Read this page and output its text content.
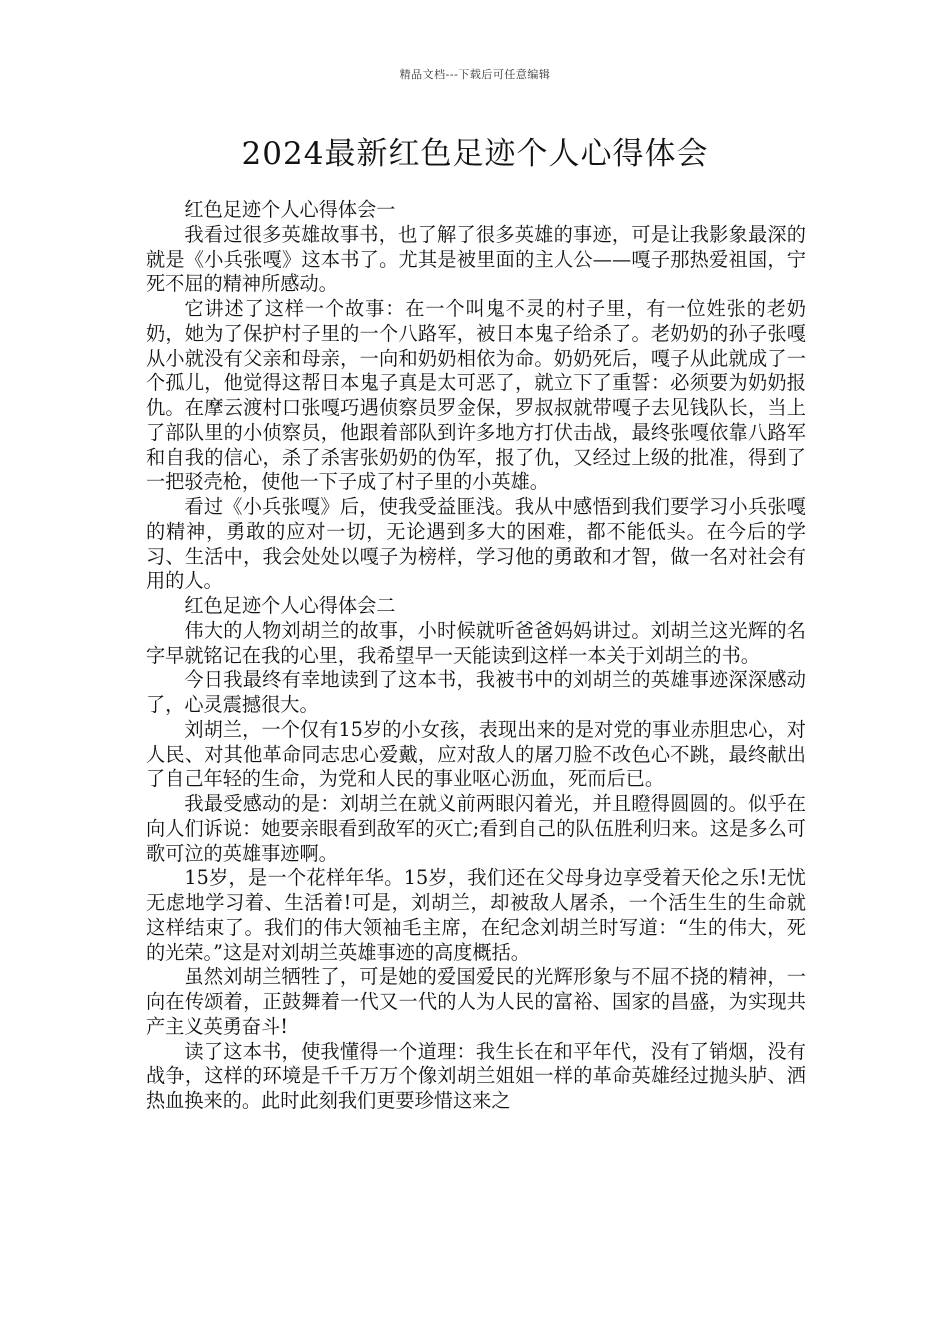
精品文档---下载后可任意编辑
2024最新红色足迹个人心得体会

红色足迹个人心得体会一

我看过很多英雄故事书，也了解了很多英雄的事迹，可是让我影象最深的就是《小兵张嘎》这本书了。尤其是被里面的主人公——嘎子那热爱祖国，宁死不屈的精神所感动。

它讲述了这样一个故事：在一个叫鬼不灵的村子里，有一位姓张的老奶奶，她为了保护村子里的一个八路军，被日本鬼子给杀了。老奶奶的孙子张嘎从小就没有父亲和母亲，一向和奶奶相依为命。奶奶死后，嘎子从此就成了一个孤儿，他觉得这帮日本鬼子真是太可恶了，就立下了重誓：必须要为奶奶报仇。在摩云渡村口张嘎巧遇侦察员罗金保，罗叔叔就带嘎子去见钱队长，当上了部队里的小侦察员，他跟着部队到许多地方打伏击战，最终张嘎依靠八路军和自我的信心，杀了杀害张奶奶的伪军，报了仇，又经过上级的批准，得到了一把驳壳枪，使他一下子成了村子里的小英雄。

看过《小兵张嘎》后，使我受益匪浅。我从中感悟到我们要学习小兵张嘎的精神，勇敢的应对一切，无论遇到多大的困难，都不能低头。在今后的学习、生活中，我会处处以嘎子为榜样，学习他的勇敢和才智，做一名对社会有用的人。

红色足迹个人心得体会二

伟大的人物刘胡兰的故事，小时候就听爸爸妈妈讲过。刘胡兰这光辉的名字早就铭记在我的心里，我希望早一天能读到这样一本关于刘胡兰的书。

今日我最终有幸地读到了这本书，我被书中的刘胡兰的英雄事迹深深感动了，心灵震撼很大。

刘胡兰，一个仅有15岁的小女孩，表现出来的是对党的事业赤胆忠心，对人民、对其他革命同志忠心爱戴，应对敌人的屠刀脸不改色心不跳，最终献出了自己年轻的生命，为党和人民的事业呕心沥血，死而后已。

我最受感动的是：刘胡兰在就义前两眼闪着光，并且瞪得圆圆的。似乎在向人们诉说：她要亲眼看到敌军的灭亡;看到自己的队伍胜利归来。这是多么可歌可泣的英雄事迹啊。

15岁，是一个花样年华。15岁，我们还在父母身边享受着天伦之乐!无忧无虑地学习着、生活着!可是，刘胡兰，却被敌人屠杀，一个活生生的生命就这样结束了。我们的伟大领袖毛主席，在纪念刘胡兰时写道：“生的伟大，死的光荣。”这是对刘胡兰英雄事迹的高度概括。

虽然刘胡兰牺牲了，可是她的爱国爱民的光辉形象与不屈不挠的精神，一向在传颂着，正鼓舞着一代又一代的人为人民的富裕、国家的昌盛，为实现共产主义英勇奋斗!

读了这本书，使我懂得一个道理：我生长在和平年代，没有了销烟，没有战争，这样的环境是千千万万个像刘胡兰姐姐一样的革命英雄经过抛头胪、洒热血换来的。此时此刻我们更要珍惜这来之
